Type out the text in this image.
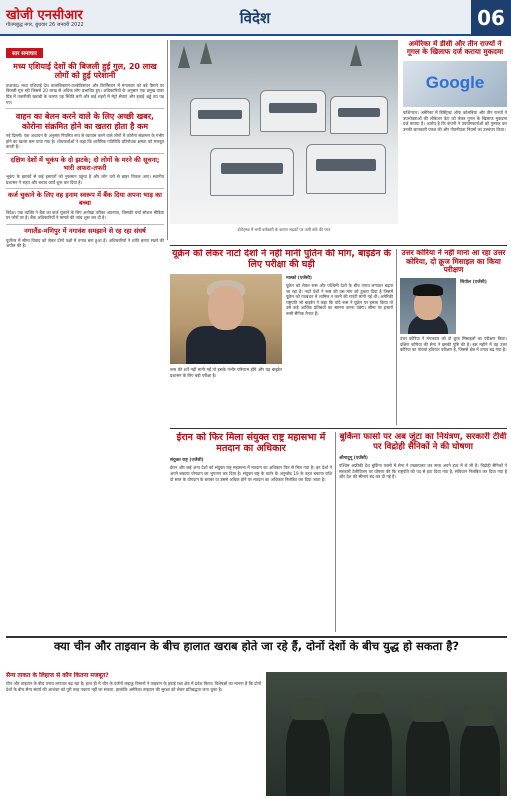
खोजी एनसीआर
गौतमबुद्ध नगर, बुधवार 26 जनवरी 2022	विदेश	06
सार समाचार
मध्य एशियाई देशों की बिजली हुई गुल, 20 लाख लोगों को हुई परेशानी
ताशकंद। मध्य एशियाई देश कजाकिस्तान-उज्बेकिस्तान और किर्गिस्तान में मंगलवार को बड़े पैमाने पर बिजली गुल रही जिससे 20 लाख से अधिक लोग प्रभावित हुए। अधिकारियों के अनुसार एक प्रमुख पावर ग्रिड में तकनीकी खराबी के कारण यह स्थिति बनी और कई शहरों में मेट्रो सेवाएं और हवाई अड्डे ठप पड़ गए।
वाहन का बेलन करने वाले के लिए अच्छी खबर, कोरोना संक्रमित होने का खतरा होता है कम
नई दिल्ली। एक अध्ययन के अनुसार नियमित रूप से व्यायाम करने वाले लोगों में कोरोना संक्रमण के गंभीर होने का खतरा कम पाया गया है। शोधकर्ताओं ने कहा कि शारीरिक गतिविधि प्रतिरोधक क्षमता को मजबूत करती है।
दक्षिण देशों में भूकंप के दो झटके; दो लोगों के मरने की सूचना; भारी अफरा-तफरी
भूकंप के झटकों से कई इमारतों को नुकसान पहुंचा है और लोग घरों से बाहर निकल आए। स्थानीय प्रशासन ने राहत और बचाव कार्य शुरू कर दिया है।
कर्ज चुकाने के लिए वह इनाम स्वरूप में बैंक दिया अपना भाड़ का बच्चा
विदेश। एक व्यक्ति ने बैंक का कर्ज चुकाने के लिए अनोखा तरीका अपनाया, जिसकी चर्चा सोशल मीडिया पर जोरों पर है। बैंक अधिकारियों ने मामले की जांच शुरू कर दी है।
नगालैंड-मणिपुर में नगावंश समझाने से रह रहा संघर्ष
पूर्वोत्तर में सीमा विवाद को लेकर दोनों पक्षों में तनाव बना हुआ है। अधिकारियों ने शांति बनाए रखने की अपील की है।
डोनेट्स्क में भारी बर्फबारी के कारण सड़कों पर जमी बर्फ की परत
अमेरिका में डीसी और तीन राज्यों ने गूगल के खिलाफ दर्ज कराया मुकदमा
Google
वाशिंगटन। अमेरिका में डिस्ट्रिक्ट ऑफ कोलंबिया और तीन राज्यों ने उपभोक्ताओं की लोकेशन डेटा को लेकर गूगल के खिलाफ मुकदमा दर्ज कराया है। आरोप है कि कंपनी ने उपयोगकर्ताओं को गुमराह कर उनकी जानकारी एकत्र की और गोपनीयता नियमों का उल्लंघन किया।
यूक्रेन को लेकर नाटो देशों ने नहीं मानी पुतिन की मांग, बाइडेन के लिए परीक्षा की घड़ी
मास्को (एजेंसी)
यूक्रेन को लेकर रूस और पश्चिमी देशों के बीच तनाव लगातार बढ़ता जा रहा है। नाटो देशों ने रूस की उस मांग को ठुकरा दिया है जिसमें यूक्रेन को गठबंधन में शामिल न करने की गारंटी मांगी गई थी। अमेरिकी राष्ट्रपति जो बाइडेन ने कहा कि यदि रूस ने यूक्रेन पर हमला किया तो उसे कड़े आर्थिक प्रतिबंधों का सामना करना पड़ेगा। सीमा पर हजारों रूसी सैनिक तैनात हैं।
रूस की शर्तें नहीं मानी गईं तो इसके गंभीर परिणाम होंगे और यह बाइडेन प्रशासन के लिए बड़ी परीक्षा है।
उत्तर कोरिया ने नहीं माना आ रहा उत्तर कोरिया, दो क्रूज मिसाइल का किया परीक्षण
सियोल (एजेंसी)
उत्तर कोरिया ने मंगलवार को दो क्रूज मिसाइलों का परीक्षण किया। दक्षिण कोरिया की सेना ने इसकी पुष्टि की है। इस महीने में यह उत्तर कोरिया का पांचवां हथियार परीक्षण है, जिससे क्षेत्र में तनाव बढ़ गया है।
ईरान को फिर मिला संयुक्त राष्ट्र महासभा में मतदान का अधिकार
संयुक्त राष्ट्र (एजेंसी)
ईरान और कई अन्य देशों को संयुक्त राष्ट्र महासभा में मतदान का अधिकार फिर से मिल गया है। इन देशों ने अपने बकाया योगदान का भुगतान कर दिया है। संयुक्त राष्ट्र के चार्टर के अनुच्छेद 19 के तहत बकाया राशि दो साल के योगदान के बराबर या उससे अधिक होने पर मतदान का अधिकार निलंबित कर दिया जाता है।
बुर्किना फासो पर अब जुंटा का नियंत्रण, सरकारी टीवी पर विद्रोही सैनिकों ने की घोषणा
औगादुगू (एजेंसी)
पश्चिम अफ्रीकी देश बुर्किना फासो में सेना ने तख्तापलट कर सत्ता अपने हाथ में ले ली है। विद्रोही सैनिकों ने सरकारी टेलीविजन पर घोषणा की कि राष्ट्रपति को पद से हटा दिया गया है, संविधान निलंबित कर दिया गया है और देश की सीमाएं बंद कर दी गई हैं।
क्या चीन और ताइवान के बीच हालात खराब होते जा रहे हैं, दोनों देशों के बीच युद्ध हो सकता है?
सैन्य ताकत के लिहाज से कौन कितना मजबूत?
चीन और ताइवान के बीच तनाव लगातार बढ़ रहा है। हाल ही में चीन के दर्जनों लड़ाकू विमानों ने ताइवान के हवाई रक्षा क्षेत्र में प्रवेश किया। विशेषज्ञों का मानना है कि दोनों देशों के बीच सैन्य संघर्ष की आशंका को पूरी तरह नकारा नहीं जा सकता, हालांकि अमेरिका ताइवान की सुरक्षा को लेकर प्रतिबद्धता जता चुका है।
